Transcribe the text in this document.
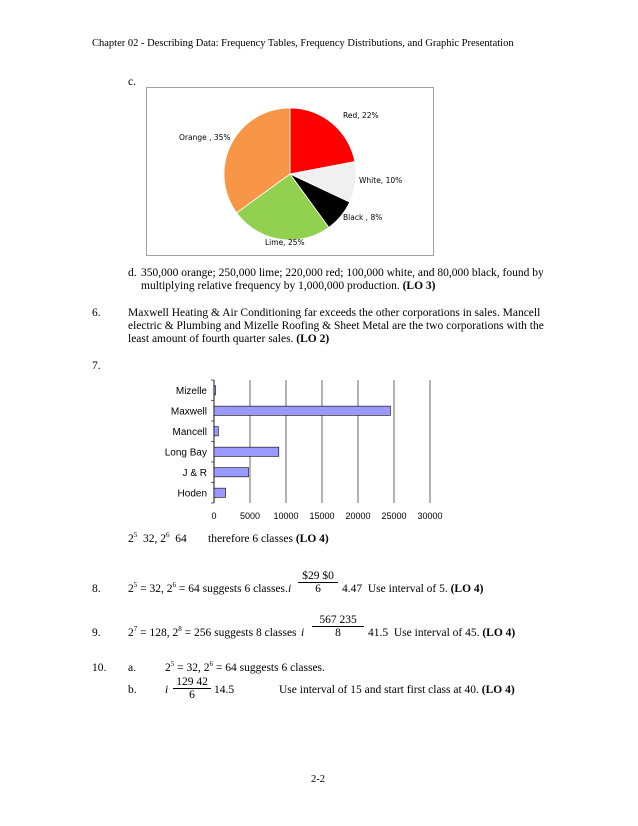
Chapter 02 - Describing Data: Frequency Tables, Frequency Distributions, and Graphic Presentation
c.
Red, 22%
White, 10%
Black , 8%
Lime, 25%
Orange , 35%
d. 350,000 orange; 250,000 lime; 220,000 red; 100,000 white, and 80,000 black, found by
multiplying relative frequency by 1,000,000 production. (LO 3)
6. Maxwell Heating & Air Conditioning far exceeds the other corporations in sales. Mancell
electric & Plumbing and Mizelle Roofing & Sheet Metal are the two corporations with the
least amount of fourth quarter sales. (LO 2)
7.
0	5000 10000 15000 20000 25000 30000
Mizelle
Maxwell
Mancell
Long Bay
J & R
Hoden
$2^5$ 32, $2^6$ 64 therefore 6 classes (LO 4)
8. $2^5 = 32$, $2^6 = 64$ suggests 6 classes. i $\frac{\$29 \$0}{6} 4.47$ Use interval of 5. (LO 4)
9. $2^7 = 128$, $2^8 = 256$ suggests 8 classes i $\frac{567 235}{8} 41.5$ Use interval of 45. (LO 4)
10. a.	$2^5 = 32$, $2^6 = 64$ suggests 6 classes.
b. i $\frac{129 42}{6} 14.5$	Use interval of 15 and start first class at 40. (LO 4)
2-2
